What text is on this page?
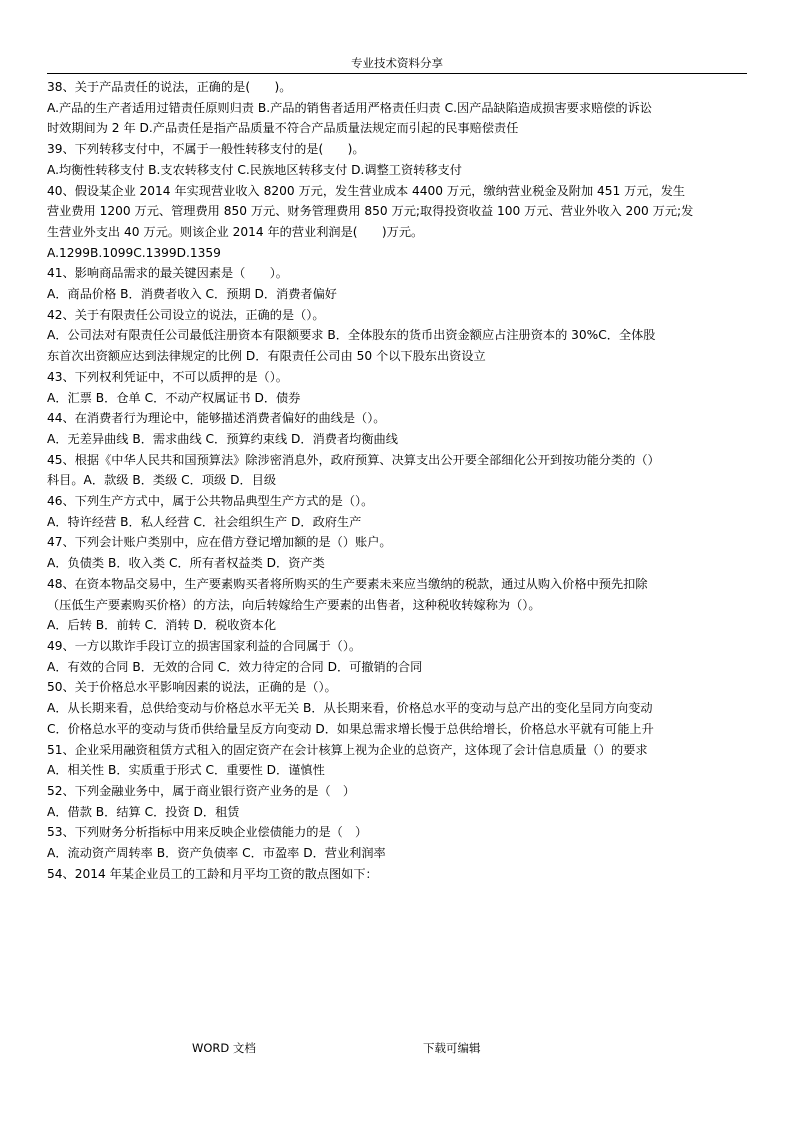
专业技术资料分享
38、关于产品责任的说法，正确的是(　　)。
A.产品的生产者适用过错责任原则归责 B.产品的销售者适用严格责任归责 C.因产品缺陷造成损害要求赔偿的诉讼
时效期间为 2 年 D.产品责任是指产品质量不符合产品质量法规定而引起的民事赔偿责任
39、下列转移支付中，不属于一般性转移支付的是(　　)。
A.均衡性转移支付 B.支农转移支付 C.民族地区转移支付 D.调整工资转移支付
40、假设某企业 2014 年实现营业收入 8200 万元，发生营业成本 4400 万元，缴纳营业税金及附加 451 万元，发生
营业费用 1200 万元、管理费用 850 万元、财务管理费用 850 万元;取得投资收益 100 万元、营业外收入 200 万元;发
生营业外支出 40 万元。则该企业 2014 年的营业利润是(　　)万元。
A.1299B.1099C.1399D.1359
41、影响商品需求的最关键因素是（　　）。
A．商品价格 B．消费者收入 C．预期 D．消费者偏好
42、关于有限责任公司设立的说法，正确的是（）。
A．公司法对有限责任公司最低注册资本有限额要求 B．全体股东的货币出资金额应占注册资本的 30%C．全体股
东首次出资额应达到法律规定的比例 D．有限责任公司由 50 个以下股东出资设立
43、下列权利凭证中，不可以质押的是（）。
A．汇票 B．仓单 C．不动产权属证书 D．债券
44、在消费者行为理论中，能够描述消费者偏好的曲线是（）。
A．无差异曲线 B．需求曲线 C．预算约束线 D．消费者均衡曲线
45、根据《中华人民共和国预算法》除涉密消息外，政府预算、决算支出公开要全部细化公开到按功能分类的（）
科目。A．款级 B．类级 C．项级 D．目级
46、下列生产方式中，属于公共物品典型生产方式的是（）。
A．特许经营 B．私人经营 C．社会组织生产 D．政府生产
47、下列会计账户类别中，应在借方登记增加额的是（）账户。
A．负债类 B．收入类 C．所有者权益类 D．资产类
48、在资本物品交易中，生产要素购买者将所购买的生产要素未来应当缴纳的税款，通过从购入价格中预先扣除
（压低生产要素购买价格）的方法，向后转嫁给生产要素的出售者，这种税收转嫁称为（）。
A．后转 B．前转 C．消转 D．税收资本化
49、一方以欺诈手段订立的损害国家利益的合同属于（）。
A．有效的合同 B．无效的合同 C．效力待定的合同 D．可撤销的合同
50、关于价格总水平影响因素的说法，正确的是（）。
A．从长期来看，总供给变动与价格总水平无关 B．从长期来看，价格总水平的变动与总产出的变化呈同方向变动
C．价格总水平的变动与货币供给量呈反方向变动 D．如果总需求增长慢于总供给增长，价格总水平就有可能上升
51、企业采用融资租赁方式租入的固定资产在会计核算上视为企业的总资产，这体现了会计信息质量（）的要求
A．相关性 B．实质重于形式 C．重要性 D．谨慎性
52、下列金融业务中，属于商业银行资产业务的是（　）
A．借款 B．结算 C．投资 D．租赁
53、下列财务分析指标中用来反映企业偿债能力的是（　）
A．流动资产周转率 B．资产负债率 C．市盈率 D．营业利润率
54、2014 年某企业员工的工龄和月平均工资的散点图如下：
WORD 文档	下载可编辑
